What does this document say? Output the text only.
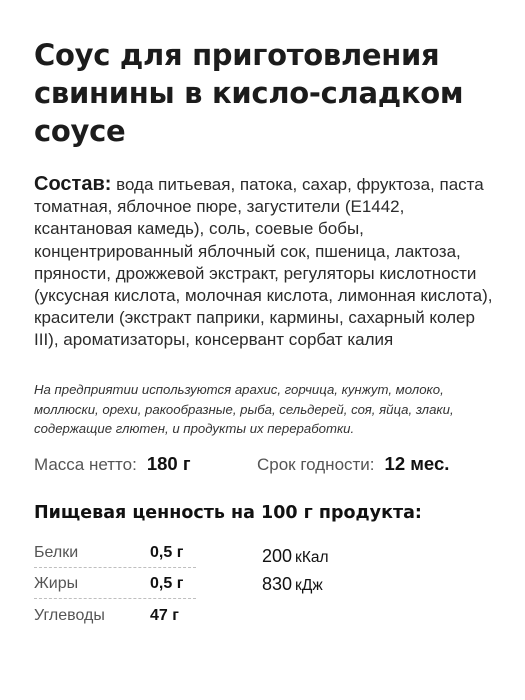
Соус для приготовления свинины в кисло-сладком соусе

Состав: вода питьевая, патока, сахар, фруктоза, паста томатная, яблочное пюре, загустители (Е1442, ксантановая камедь), соль, соевые бобы, концентрированный яблочный сок, пшеница, лактоза, пряности, дрожжевой экстракт, регуляторы кислотности (уксусная кислота, молочная кислота, лимонная кислота), красители (экстракт паприки, кармины, сахарный колер III), ароматизаторы, консервант сорбат калия

На предприятии используются арахис, горчица, кунжут, молоко, моллюски, орехи, ракообразные, рыба, сельдерей, соя, яйца, злаки, содержащие глютен, и продукты их переработки.

Масса нетто: 180 г	Срок годности: 12 мес.
Пищевая ценность на 100 г продукта:
Белки	0,5 г
Жиры	0,5 г
Углеводы	47 г
200 кКал
830 кДж
